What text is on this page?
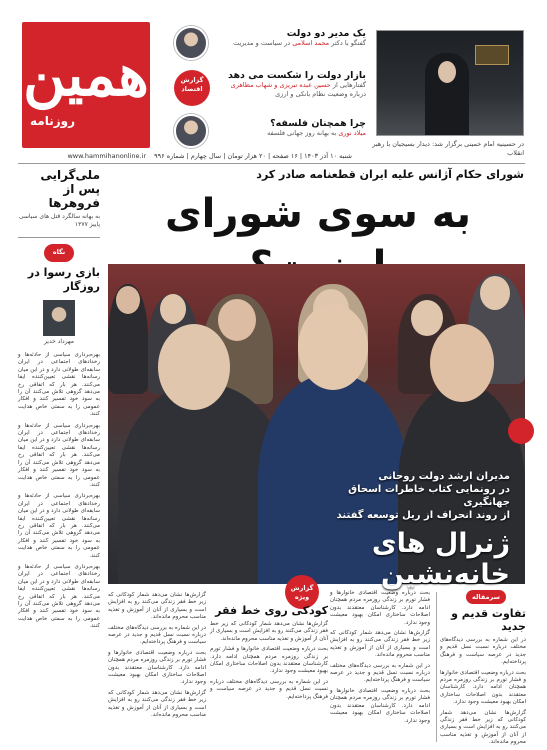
همین
روزنامه
شنبه ۱۰ آذر ۱۴۰۳ | ۱۶ صفحه | ۲۰ هزار تومان | سال چهارم | شماره ۹۹۶ www.hammihanonline.ir
یک مدیر دو دولت
گفتگو با دکتر محمد اسلامی در سیاست و مدیریت
گزارش اقتصاد
بازار دولت را شکست می دهد
گفتارهایی از حسین عبده تبریزی و شهاب مظاهری درباره وضعیت نظام بانکی و ارزی
چرا همچنان فلسفه؟
میلاد نوری به بهانه روز جهانی فلسفه
در حسینیه امام خمینی برگزار شد: دیدار بسیجیان با رهبر انقلاب
شورای حکام آژانس علیه ایران قطعنامه صادر کرد
به سوی شورای
ملی‌گرایی پس از فروهرها
به بهانه سالگرد قتل های سیاسی پاییز ۱۳۷۷
نگاه
بازی رسوا در روزگار
مهرداد خدیر
بهره‌برداری سیاسی از حادثه‌ها و رخدادهای اجتماعی در ایران سابقه‌ای طولانی دارد و در این میان رسانه‌ها نقشی تعیین‌کننده ایفا می‌کنند. هر بار که اتفاقی رخ می‌دهد گروهی تلاش می‌کنند آن را به سود خود تفسیر کنند و افکار عمومی را به سمتی خاص هدایت کنند.
بهره‌برداری سیاسی از حادثه‌ها و رخدادهای اجتماعی در ایران سابقه‌ای طولانی دارد و در این میان رسانه‌ها نقشی تعیین‌کننده ایفا می‌کنند. هر بار که اتفاقی رخ می‌دهد گروهی تلاش می‌کنند آن را به سود خود تفسیر کنند و افکار عمومی را به سمتی خاص هدایت کنند.
بهره‌برداری سیاسی از حادثه‌ها و رخدادهای اجتماعی در ایران سابقه‌ای طولانی دارد و در این میان رسانه‌ها نقشی تعیین‌کننده ایفا می‌کنند. هر بار که اتفاقی رخ می‌دهد گروهی تلاش می‌کنند آن را به سود خود تفسیر کنند و افکار عمومی را به سمتی خاص هدایت کنند.
بهره‌برداری سیاسی از حادثه‌ها و رخدادهای اجتماعی در ایران سابقه‌ای طولانی دارد و در این میان رسانه‌ها نقشی تعیین‌کننده ایفا می‌کنند. هر بار که اتفاقی رخ می‌دهد گروهی تلاش می‌کنند آن را به سود خود تفسیر کنند و افکار عمومی را به سمتی خاص هدایت کنند.
مدیران ارشد دولت روحانی
در رونمایی کتاب خاطرات اسحاق جهانگیری
از روند انحراف از ریل توسعه گفتند
ژنرال های خانه‌نشین
گزارش ویژه	سرمقاله
تفاوت قدیم و جدید
در این شماره به بررسی دیدگاه‌های مختلف درباره نسبت نسل قدیم و جدید در عرصه سیاست و فرهنگ پرداخته‌ایم.
بحث درباره وضعیت اقتصادی خانوارها و فشار تورم بر زندگی روزمره مردم همچنان ادامه دارد. کارشناسان معتقدند بدون اصلاحات ساختاری امکان بهبود معیشت وجود ندارد.
گزارش‌ها نشان می‌دهد شمار کودکانی که زیر خط فقر زندگی می‌کنند رو به افزایش است و بسیاری از آنان از آموزش و تغذیه مناسب محروم مانده‌اند.
بحث درباره وضعیت اقتصادی خانوارها و فشار تورم بر زندگی روزمره مردم همچنان ادامه دارد. کارشناسان معتقدند بدون اصلاحات ساختاری امکان بهبود معیشت وجود ندارد.
گزارش‌ها نشان می‌دهد شمار کودکانی که زیر خط فقر زندگی می‌کنند رو به افزایش است و بسیاری از آنان از آموزش و تغذیه مناسب محروم مانده‌اند.
در این شماره به بررسی دیدگاه‌های مختلف درباره نسبت نسل قدیم و جدید در عرصه سیاست و فرهنگ پرداخته‌ایم.
بحث درباره وضعیت اقتصادی خانوارها و فشار تورم بر زندگی روزمره مردم همچنان ادامه دارد. کارشناسان معتقدند بدون اصلاحات ساختاری امکان بهبود معیشت وجود ندارد.
کودکی روی خط فقر
گزارش‌ها نشان می‌دهد شمار کودکانی که زیر خط فقر زندگی می‌کنند رو به افزایش است و بسیاری از آنان از آموزش و تغذیه مناسب محروم مانده‌اند.
بحث درباره وضعیت اقتصادی خانوارها و فشار تورم بر زندگی روزمره مردم همچنان ادامه دارد. کارشناسان معتقدند بدون اصلاحات ساختاری امکان بهبود معیشت وجود ندارد.
در این شماره به بررسی دیدگاه‌های مختلف درباره نسبت نسل قدیم و جدید در عرصه سیاست و فرهنگ پرداخته‌ایم.
گزارش‌ها نشان می‌دهد شمار کودکانی که زیر خط فقر زندگی می‌کنند رو به افزایش است و بسیاری از آنان از آموزش و تغذیه مناسب محروم مانده‌اند.
در این شماره به بررسی دیدگاه‌های مختلف درباره نسبت نسل قدیم و جدید در عرصه سیاست و فرهنگ پرداخته‌ایم.
بحث درباره وضعیت اقتصادی خانوارها و فشار تورم بر زندگی روزمره مردم همچنان ادامه دارد. کارشناسان معتقدند بدون اصلاحات ساختاری امکان بهبود معیشت وجود ندارد.
گزارش‌ها نشان می‌دهد شمار کودکانی که زیر خط فقر زندگی می‌کنند رو به افزایش است و بسیاری از آنان از آموزش و تغذیه مناسب محروم مانده‌اند.
